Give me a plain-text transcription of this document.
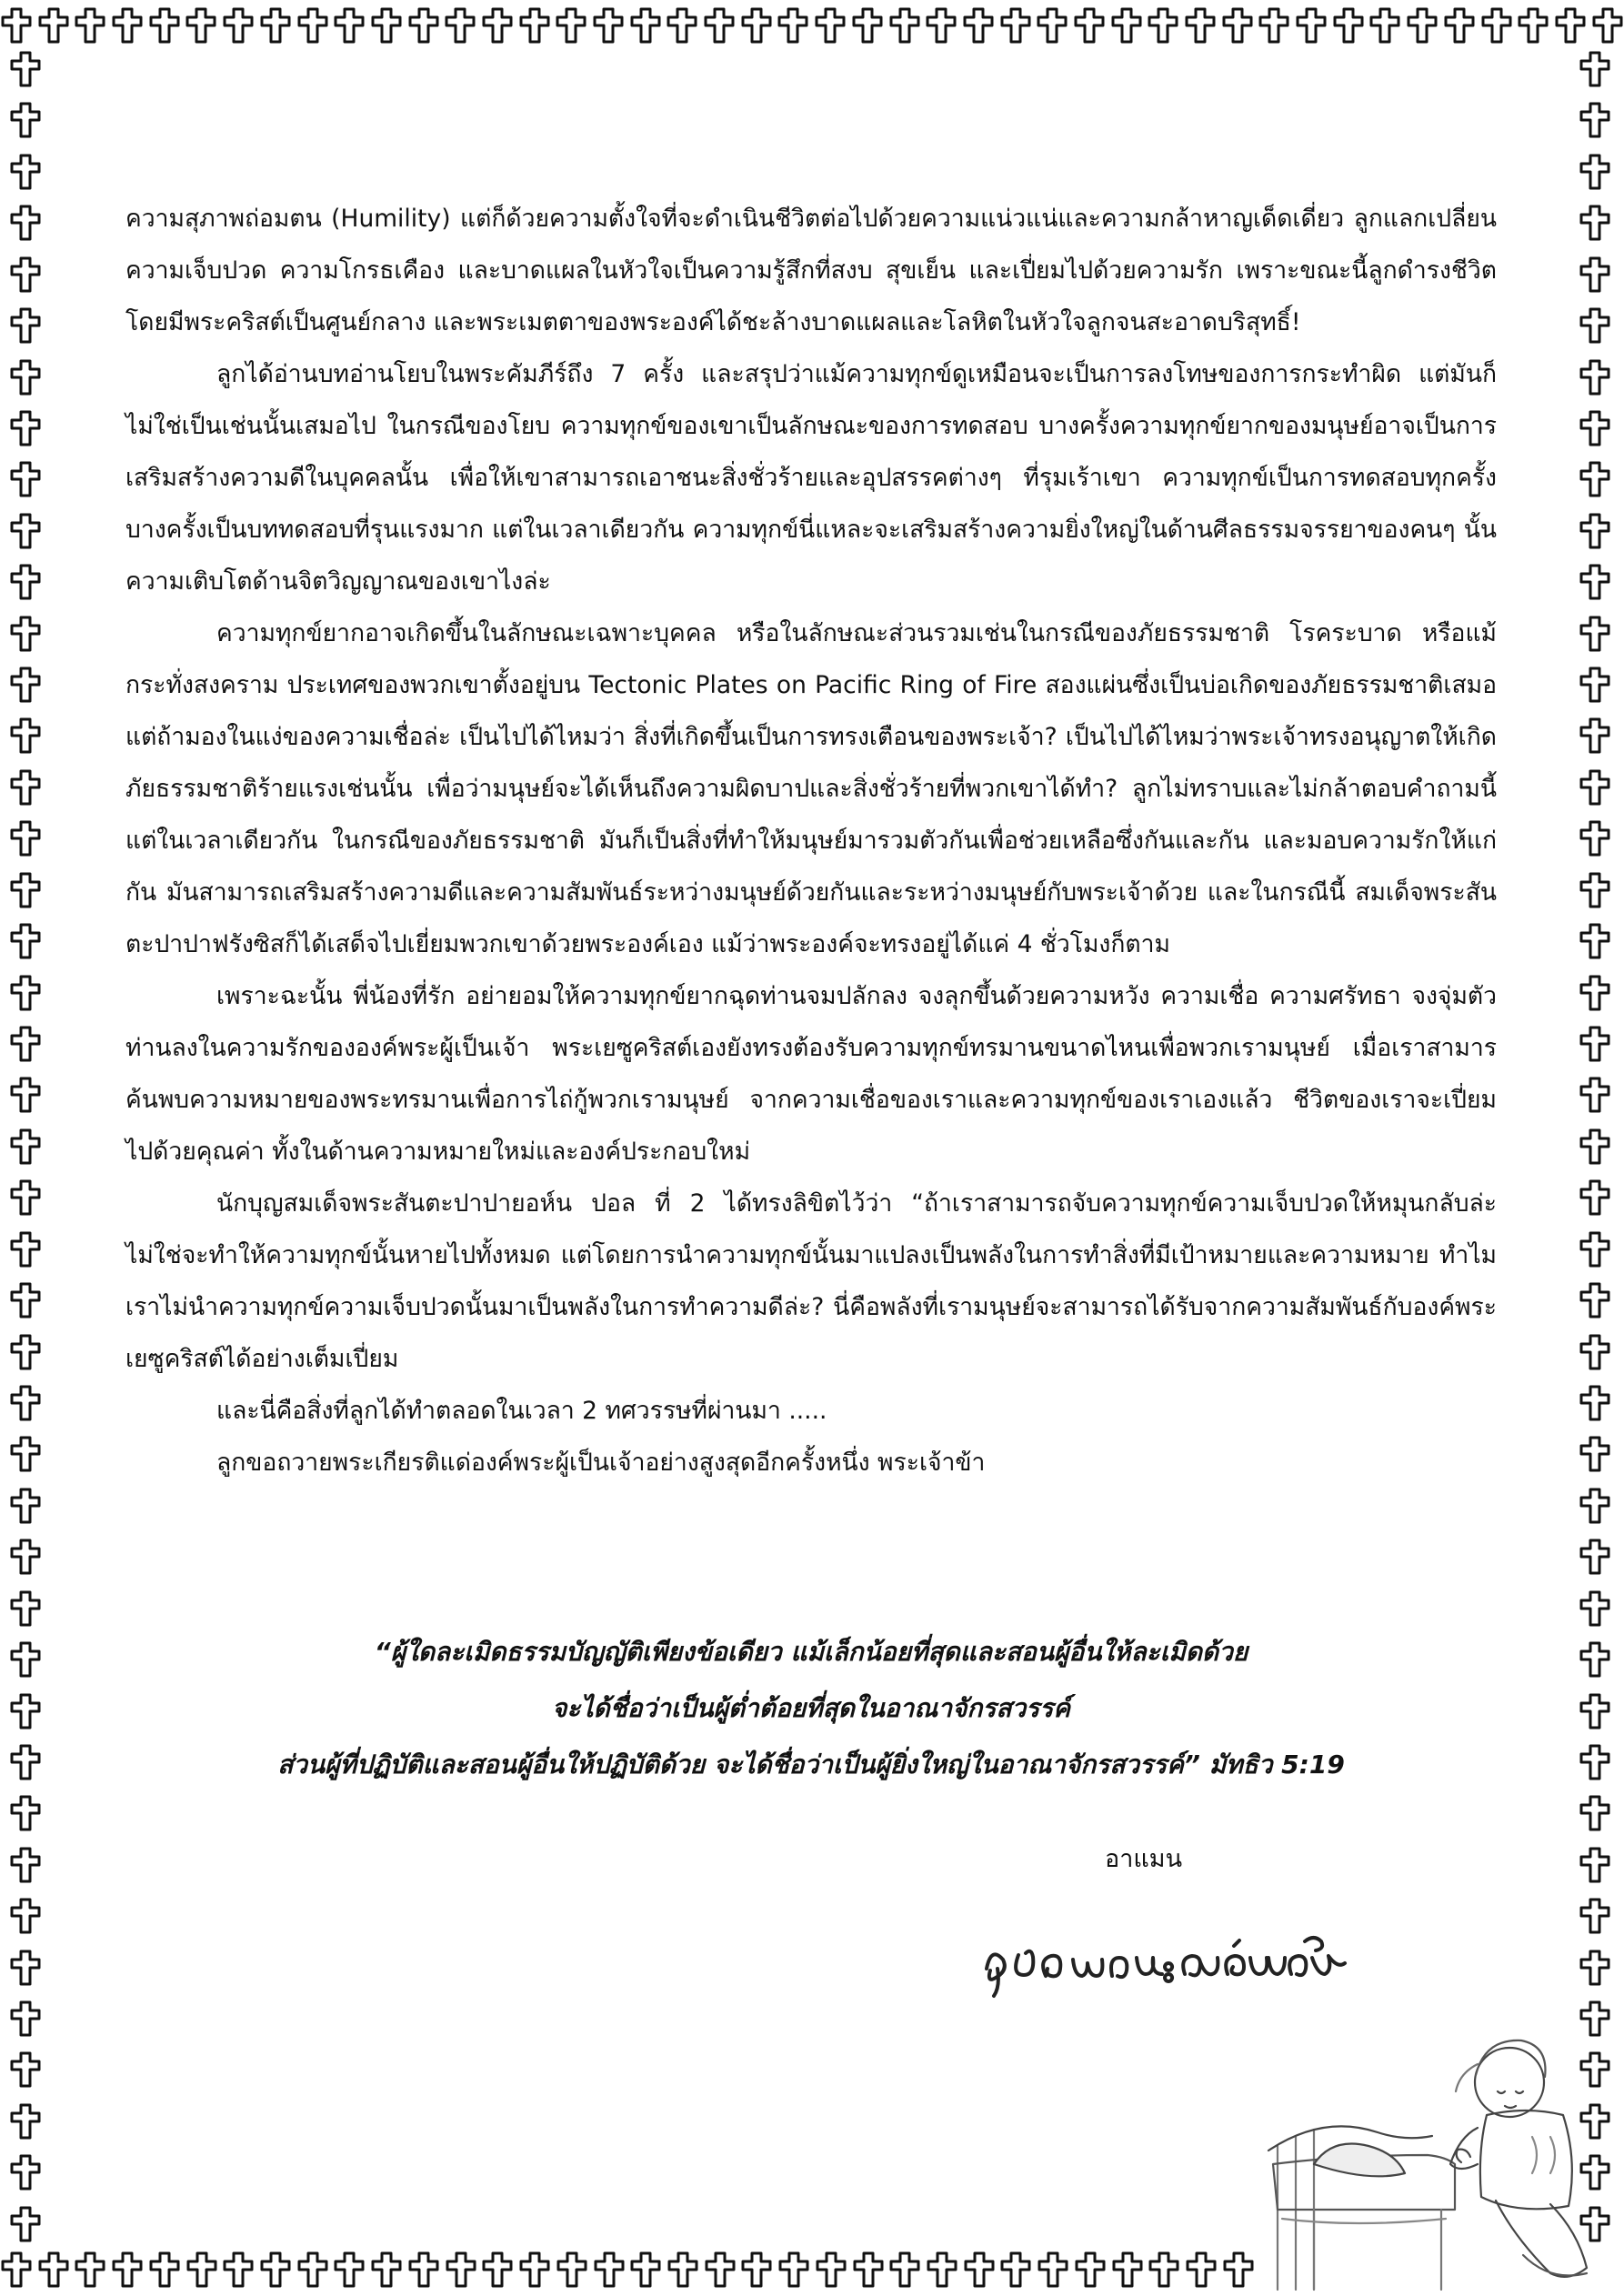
ความสุภาพถ่อมตน (Humility) แต่ก็ด้วยความตั้งใจที่จะดำเนินชีวิตต่อไปด้วยความแน่วแน่และความกล้าหาญเด็ดเดี่ยว ลูกแลกเปลี่ยนความเจ็บปวด ความโกรธเคือง และบาดแผลในหัวใจเป็นความรู้สึกที่สงบ สุขเย็น และเปี่ยมไปด้วยความรัก เพราะขณะนี้ลูกดำรงชีวิตโดยมีพระคริสต์เป็นศูนย์กลาง และพระเมตตาของพระองค์ได้ชะล้างบาดแผลและโลหิตในหัวใจลูกจนสะอาดบริสุทธิ์!

ลูกได้อ่านบทอ่านโยบในพระคัมภีร์ถึง 7 ครั้ง และสรุปว่าแม้ความทุกข์ดูเหมือนจะเป็นการลงโทษของการกระทำผิด แต่มันก็ไม่ใช่เป็นเช่นนั้นเสมอไป ในกรณีของโยบ ความทุกข์ของเขาเป็นลักษณะของการทดสอบ บางครั้งความทุกข์ยากของมนุษย์อาจเป็นการเสริมสร้างความดีในบุคคลนั้น เพื่อให้เขาสามารถเอาชนะสิ่งชั่วร้ายและอุปสรรคต่างๆ ที่รุมเร้าเขา ความทุกข์เป็นการทดสอบทุกครั้ง บางครั้งเป็นบททดสอบที่รุนแรงมาก แต่ในเวลาเดียวกัน ความทุกข์นี่แหละจะเสริมสร้างความยิ่งใหญ่ในด้านศีลธรรมจรรยาของคนๆ นั้น ความเติบโตด้านจิตวิญญาณของเขาไงล่ะ

ความทุกข์ยากอาจเกิดขึ้นในลักษณะเฉพาะบุคคล หรือในลักษณะส่วนรวมเช่นในกรณีของภัยธรรมชาติ โรคระบาด หรือแม้กระทั่งสงคราม ประเทศของพวกเขาตั้งอยู่บน Tectonic Plates on Pacific Ring of Fire สองแผ่นซึ่งเป็นบ่อเกิดของภัยธรรมชาติเสมอ แต่ถ้ามองในแง่ของความเชื่อล่ะ เป็นไปได้ไหมว่า สิ่งที่เกิดขึ้นเป็นการทรงเตือนของพระเจ้า? เป็นไปได้ไหมว่าพระเจ้าทรงอนุญาตให้เกิดภัยธรรมชาติร้ายแรงเช่นนั้น เพื่อว่ามนุษย์จะได้เห็นถึงความผิดบาปและสิ่งชั่วร้ายที่พวกเขาได้ทำ? ลูกไม่ทราบและไม่กล้าตอบคำถามนี้ แต่ในเวลาเดียวกัน ในกรณีของภัยธรรมชาติ มันก็เป็นสิ่งที่ทำให้มนุษย์มารวมตัวกันเพื่อช่วยเหลือซึ่งกันและกัน และมอบความรักให้แก่กัน มันสามารถเสริมสร้างความดีและความสัมพันธ์ระหว่างมนุษย์ด้วยกันและระหว่างมนุษย์กับพระเจ้าด้วย และในกรณีนี้ สมเด็จพระสันตะปาปาฟรังซิสก็ได้เสด็จไปเยี่ยมพวกเขาด้วยพระองค์เอง แม้ว่าพระองค์จะทรงอยู่ได้แค่ 4 ชั่วโมงก็ตาม

เพราะฉะนั้น พี่น้องที่รัก อย่ายอมให้ความทุกข์ยากฉุดท่านจมปลักลง จงลุกขึ้นด้วยความหวัง ความเชื่อ ความศรัทธา จงจุ่มตัวท่านลงในความรักขององค์พระผู้เป็นเจ้า พระเยซูคริสต์เองยังทรงต้องรับความทุกข์ทรมานขนาดไหนเพื่อพวกเรามนุษย์ เมื่อเราสามารค้นพบความหมายของพระทรมานเพื่อการไถ่กู้พวกเรามนุษย์ จากความเชื่อของเราและความทุกข์ของเราเองแล้ว ชีวิตของเราจะเปี่ยมไปด้วยคุณค่า ทั้งในด้านความหมายใหม่และองค์ประกอบใหม่

นักบุญสมเด็จพระสันตะปาปายอห์น ปอล ที่ 2 ได้ทรงลิขิตไว้ว่า “ถ้าเราสามารถจับความทุกข์ความเจ็บปวดให้หมุนกลับล่ะ ไม่ใช่จะทำให้ความทุกข์นั้นหายไปทั้งหมด แต่โดยการนำความทุกข์นั้นมาแปลงเป็นพลังในการทำสิ่งที่มีเป้าหมายและความหมาย ทำไมเราไม่นำความทุกข์ความเจ็บปวดนั้นมาเป็นพลังในการทำความดีล่ะ? นี่คือพลังที่เรามนุษย์จะสามารถได้รับจากความสัมพันธ์กับองค์พระเยซูคริสต์ได้อย่างเต็มเปี่ยม

และนี่คือสิ่งที่ลูกได้ทำตลอดในเวลา 2 ทศวรรษที่ผ่านมา .....

ลูกขอถวายพระเกียรติแด่องค์พระผู้เป็นเจ้าอย่างสูงสุดอีกครั้งหนึ่ง พระเจ้าข้า

“ผู้ใดละเมิดธรรมบัญญัติเพียงข้อเดียว แม้เล็กน้อยที่สุดและสอนผู้อื่นให้ละเมิดด้วย
จะได้ชื่อว่าเป็นผู้ต่ำต้อยที่สุดในอาณาจักรสวรรค์
ส่วนผู้ที่ปฏิบัติและสอนผู้อื่นให้ปฏิบัติด้วย จะได้ชื่อว่าเป็นผู้ยิ่งใหญ่ในอาณาจักรสวรรค์” มัทธิว 5:19
อาแมน
